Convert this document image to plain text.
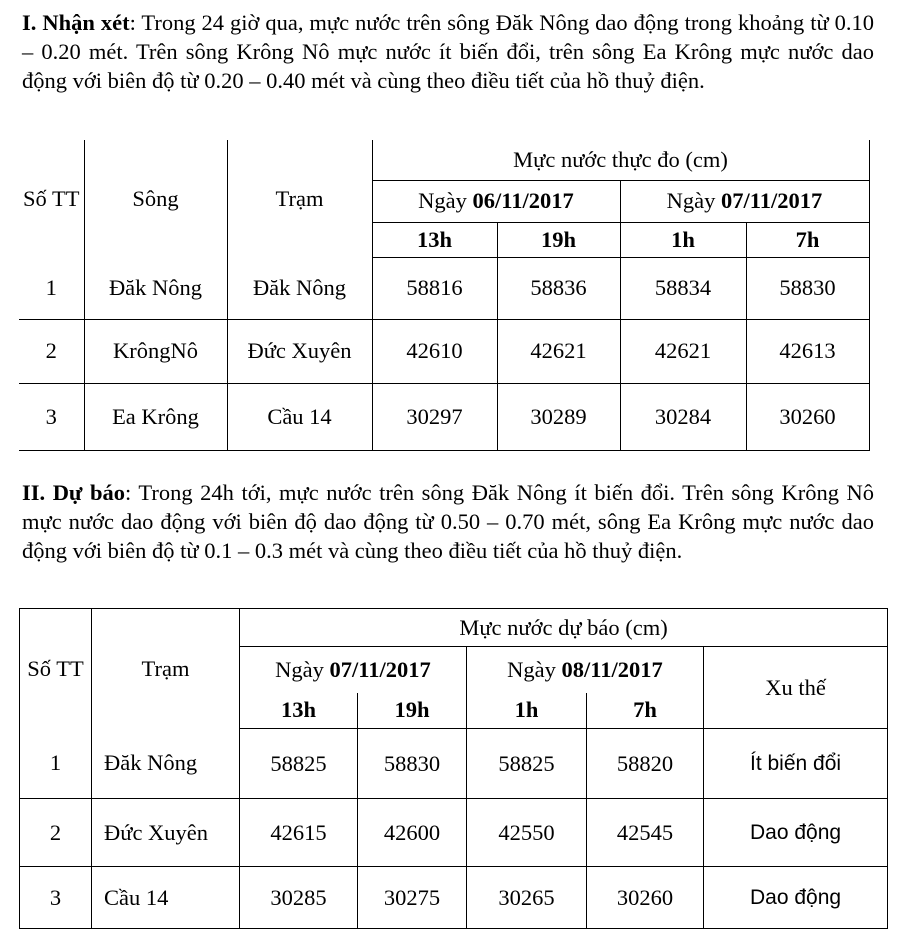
I. Nhận xét: Trong 24 giờ qua, mực nước trên sông Đăk Nông dao động trong khoảng từ 0.10 – 0.20 mét. Trên sông Krông Nô mực nước ít biến đổi, trên sông Ea Krông mực nước dao động với biên độ từ 0.20 – 0.40 mét và cùng theo điều tiết của hồ thuỷ điện.

Số TT	Sông	Trạm	Mực nước thực đo (cm)			
			Ngày 06/11/2017		Ngày 07/11/2017	
			13h	19h	1h	7h
1	Đăk Nông	Đăk Nông	58816	58836	58834	58830
2	KrôngNô	Đức Xuyên	42610	42621	42621	42613
3	Ea Krông	Cầu 14	30297	30289	30284	30260

II. Dự báo: Trong 24h tới, mực nước trên sông Đăk Nông ít biến đổi. Trên sông Krông Nô mực nước dao động với biên độ dao động từ 0.50 – 0.70 mét, sông Ea Krông mực nước dao động với biên độ từ 0.1 – 0.3 mét và cùng theo điều tiết của hồ thuỷ điện.

Số TT	Trạm	Mực nước dự báo (cm)				
		Ngày 07/11/2017		Ngày 08/11/2017		Xu thế
		13h	19h	1h	7h	
1	Đăk Nông	58825	58830	58825	58820	Ít biến đổi
2	Đức Xuyên	42615	42600	42550	42545	Dao động
3	Cầu 14	30285	30275	30265	30260	Dao động
